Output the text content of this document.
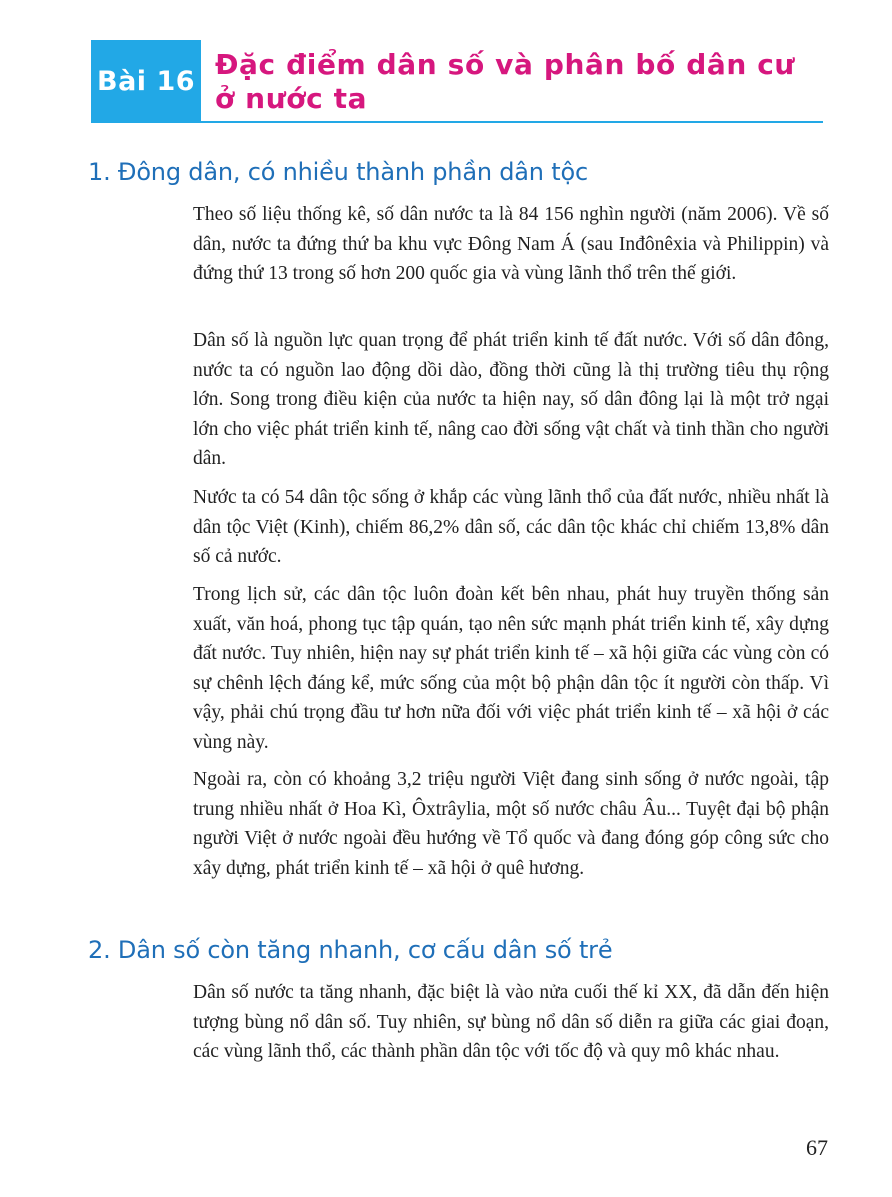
Bài 16
Đặc điểm dân số và phân bố dân cư ở nước ta
1. Đông dân, có nhiều thành phần dân tộc

Theo số liệu thống kê, số dân nước ta là 84 156 nghìn người (năm 2006). Về số dân, nước ta đứng thứ ba khu vực Đông Nam Á (sau Inđônêxia và Philippin) và đứng thứ 13 trong số hơn 200 quốc gia và vùng lãnh thổ trên thế giới.

Dân số là nguồn lực quan trọng để phát triển kinh tế đất nước. Với số dân đông, nước ta có nguồn lao động dồi dào, đồng thời cũng là thị trường tiêu thụ rộng lớn. Song trong điều kiện của nước ta hiện nay, số dân đông lại là một trở ngại lớn cho việc phát triển kinh tế, nâng cao đời sống vật chất và tinh thần cho người dân.

Nước ta có 54 dân tộc sống ở khắp các vùng lãnh thổ của đất nước, nhiều nhất là dân tộc Việt (Kinh), chiếm 86,2% dân số, các dân tộc khác chỉ chiếm 13,8% dân số cả nước.

Trong lịch sử, các dân tộc luôn đoàn kết bên nhau, phát huy truyền thống sản xuất, văn hoá, phong tục tập quán, tạo nên sức mạnh phát triển kinh tế, xây dựng đất nước. Tuy nhiên, hiện nay sự phát triển kinh tế – xã hội giữa các vùng còn có sự chênh lệch đáng kể, mức sống của một bộ phận dân tộc ít người còn thấp. Vì vậy, phải chú trọng đầu tư hơn nữa đối với việc phát triển kinh tế – xã hội ở các vùng này.

Ngoài ra, còn có khoảng 3,2 triệu người Việt đang sinh sống ở nước ngoài, tập trung nhiều nhất ở Hoa Kì, Ôxtrâylia, một số nước châu Âu... Tuyệt đại bộ phận người Việt ở nước ngoài đều hướng về Tổ quốc và đang đóng góp công sức cho xây dựng, phát triển kinh tế – xã hội ở quê hương.

2. Dân số còn tăng nhanh, cơ cấu dân số trẻ

Dân số nước ta tăng nhanh, đặc biệt là vào nửa cuối thế kỉ XX, đã dẫn đến hiện tượng bùng nổ dân số. Tuy nhiên, sự bùng nổ dân số diễn ra giữa các giai đoạn, các vùng lãnh thổ, các thành phần dân tộc với tốc độ và quy mô khác nhau.

67
